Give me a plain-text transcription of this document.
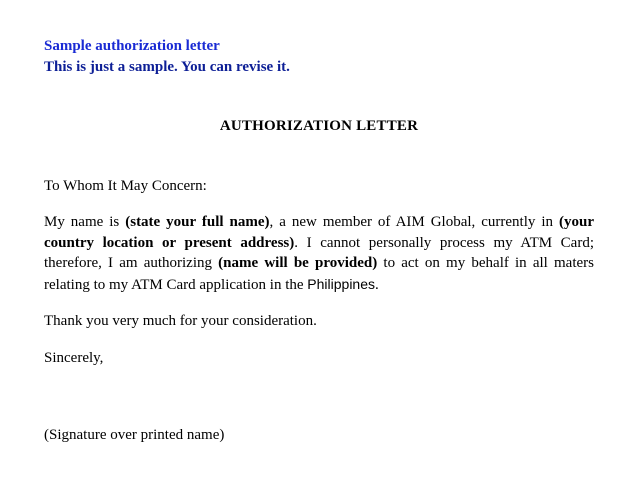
Sample authorization letter
This is just a sample. You can revise it.
AUTHORIZATION LETTER
To Whom It May Concern:
My name is (state your full name), a new member of AIM Global, currently in (your
country location or present address). I cannot personally process my ATM Card;
therefore, I am authorizing (name will be provided) to act on my behalf in all maters
relating to my ATM Card application in the Philippines.
Thank you very much for your consideration.
Sincerely,
(Signature over printed name)
